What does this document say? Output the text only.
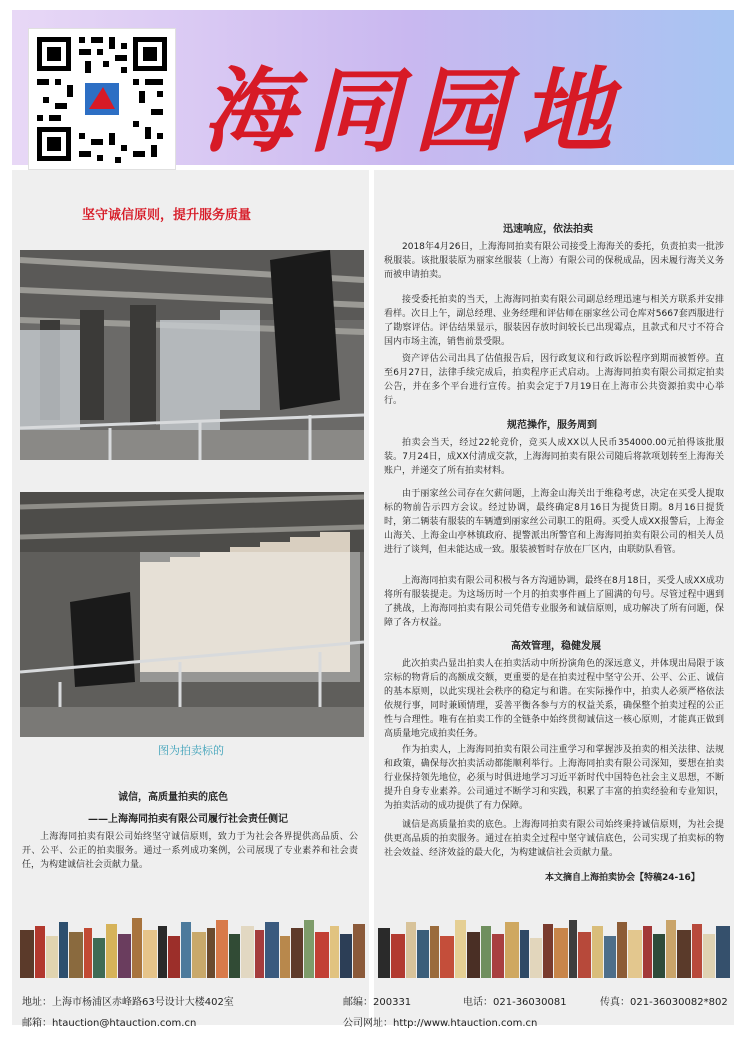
海同园地
坚守诚信原则，提升服务质量
图为拍卖标的
诚信，高质量拍卖的底色
——上海海同拍卖有限公司履行社会责任侧记
上海海同拍卖有限公司始终坚守诚信原则，致力于为社会各界提供高品质、公开、公平、公正的拍卖服务。通过一系列成功案例，公司展现了专业素养和社会责任，为构建诚信社会贡献力量。
迅速响应，依法拍卖
2018年4月26日，上海海同拍卖有限公司接受上海海关的委托，负责拍卖一批涉税服装。该批服装原为丽家丝服装（上海）有限公司的保税成品，因未履行海关义务而被申请拍卖。
接受委托拍卖的当天，上海海同拍卖有限公司副总经理迅速与相关方联系并安排看样。次日上午，副总经理、业务经理和评估师在丽家丝公司仓库对5667套西服进行了勘察评估。评估结果显示，服装因存放时间较长已出现霉点，且款式和尺寸不符合国内市场主流，销售前景受限。
资产评估公司出具了估值报告后，因行政复议和行政诉讼程序到期而被暂停。直至6月27日，法律手续完成后，拍卖程序正式启动。上海海同拍卖有限公司拟定拍卖公告，并在多个平台进行宣传。拍卖会定于7月19日在上海市公共资源拍卖中心举行。
规范操作，服务周到
拍卖会当天，经过22轮竞价，竞买人成XX以人民币354000.00元拍得该批服装。7月24日，成XX付清成交款，上海海同拍卖有限公司随后将款项划转至上海海关账户，并递交了所有拍卖材料。
由于丽家丝公司存在欠薪问题，上海金山海关出于维稳考虑，决定在买受人提取标的物前告示四方会议。经过协调，最终确定8月16日为提货日期。8月16日提货时，第二辆装有服装的车辆遭到丽家丝公司职工的阻碍。买受人成XX报警后，上海金山海关、上海金山亭林镇政府、提警派出所警官和上海海同拍卖有限公司的相关人员进行了谈判，但未能达成一致。服装被暂时存放在厂区内，由联防队看管。
上海海同拍卖有限公司积极与各方沟通协调，最终在8月18日，买受人成XX成功将所有服装提走。为这场历时一个月的拍卖事件画上了圆满的句号。尽管过程中遇到了挑战，上海海同拍卖有限公司凭借专业服务和诚信原则，成功解决了所有问题，保障了各方权益。
高效管理，稳健发展
此次拍卖凸显出拍卖人在拍卖活动中所扮演角色的深远意义，并体现出局限于该宗标的物背后的高额成交额，更重要的是在拍卖过程中坚守公开、公平、公正、诚信的基本原则，以此实现社会秩序的稳定与和谐。在实际操作中，拍卖人必须严格依法依规行事，同时兼顾情理，妥善平衡各参与方的权益关系，确保整个拍卖过程的公正性与合理性。唯有在拍卖工作的全链条中始终贯彻诚信这一核心原则，才能真正做到高质量地完成拍卖任务。
作为拍卖人，上海海同拍卖有限公司注重学习和掌握涉及拍卖的相关法律、法规和政策，确保每次拍卖活动都能顺利举行。上海海同拍卖有限公司深知，要想在拍卖行业保持领先地位，必须与时俱进地学习习近平新时代中国特色社会主义思想，不断提升自身专业素养。公司通过不断学习和实践，积累了丰富的拍卖经验和专业知识，为拍卖活动的成功提供了有力保障。
诚信是高质量拍卖的底色。上海海同拍卖有限公司始终秉持诚信原则，为社会提供更高品质的拍卖服务。通过在拍卖全过程中坚守诚信底色，公司实现了拍卖标的物社会效益、经济效益的最大化，为构建诚信社会贡献力量。
本文摘自上海拍卖协会【特稿24-16】
地址：上海市杨浦区赤峰路63号设计大楼402室	邮编：200331	电话：021-36030081	传真：021-36030082*802
邮箱：htauction@htauction.com.cn	公司网址：http://www.htauction.com.cn
